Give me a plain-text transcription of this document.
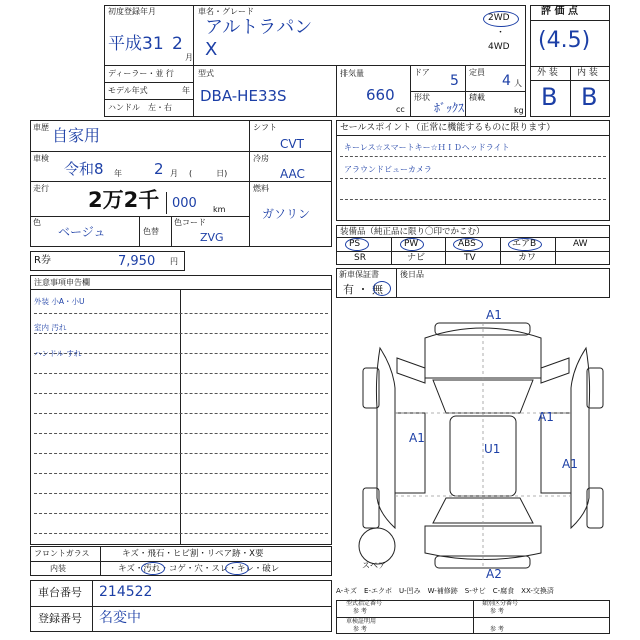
初度登録年月
平成31 2
月
車名・グレード
アルトラパン
X
2WD
・
4WD
ディーラー・並 行
モデル年式	年
ハンドル　左・右
型式
DBA-HE33S
排気量
660
cc
ドア
5
定員
4 人
形状
ﾎﾞｯｸｽ
積載
kg
評 価 点
(4.5)
外 装 内 装
B B
車歴 自家用
車検
令和8 年 2 月 (　　　日)
走行 2万2千 000 km
色
ベージュ	色替
色コード
ZVG
シフト
CVT
冷房
AAC
燃料
ガソリン
R券	7,950 円
セールスポイント（正常に機能するものに限ります）
キーレス☆スマートキー☆ＨＩＤヘッドライト
アラウンドビューカメラ
装備品（純正品に限り〇印でかこむ）
PS	PW	ABS	エアB	AW
SR	ナビ	TV	カワ
新車保証書
有 ・ 無
後日品
注意事項申告欄
外装 小A・小U
室内 汚れ
ハンドル すれ
A1
A1
A1
U1
A1
A2
スペア
フロントガラス	キズ・飛石・ヒビ割・リペア跡・X要
内装	キズ・汚れ・コゲ・穴・スレ・キレ・破レ
車台番号 214522
登録番号 名変中
A-キズ　E-エクボ　U-凹み　W-補修跡　S-サビ　C-腐食　XX-交換済
型式指定番号
参 考
類別区分番号
参 考
車検証明用
参 考	参 考
